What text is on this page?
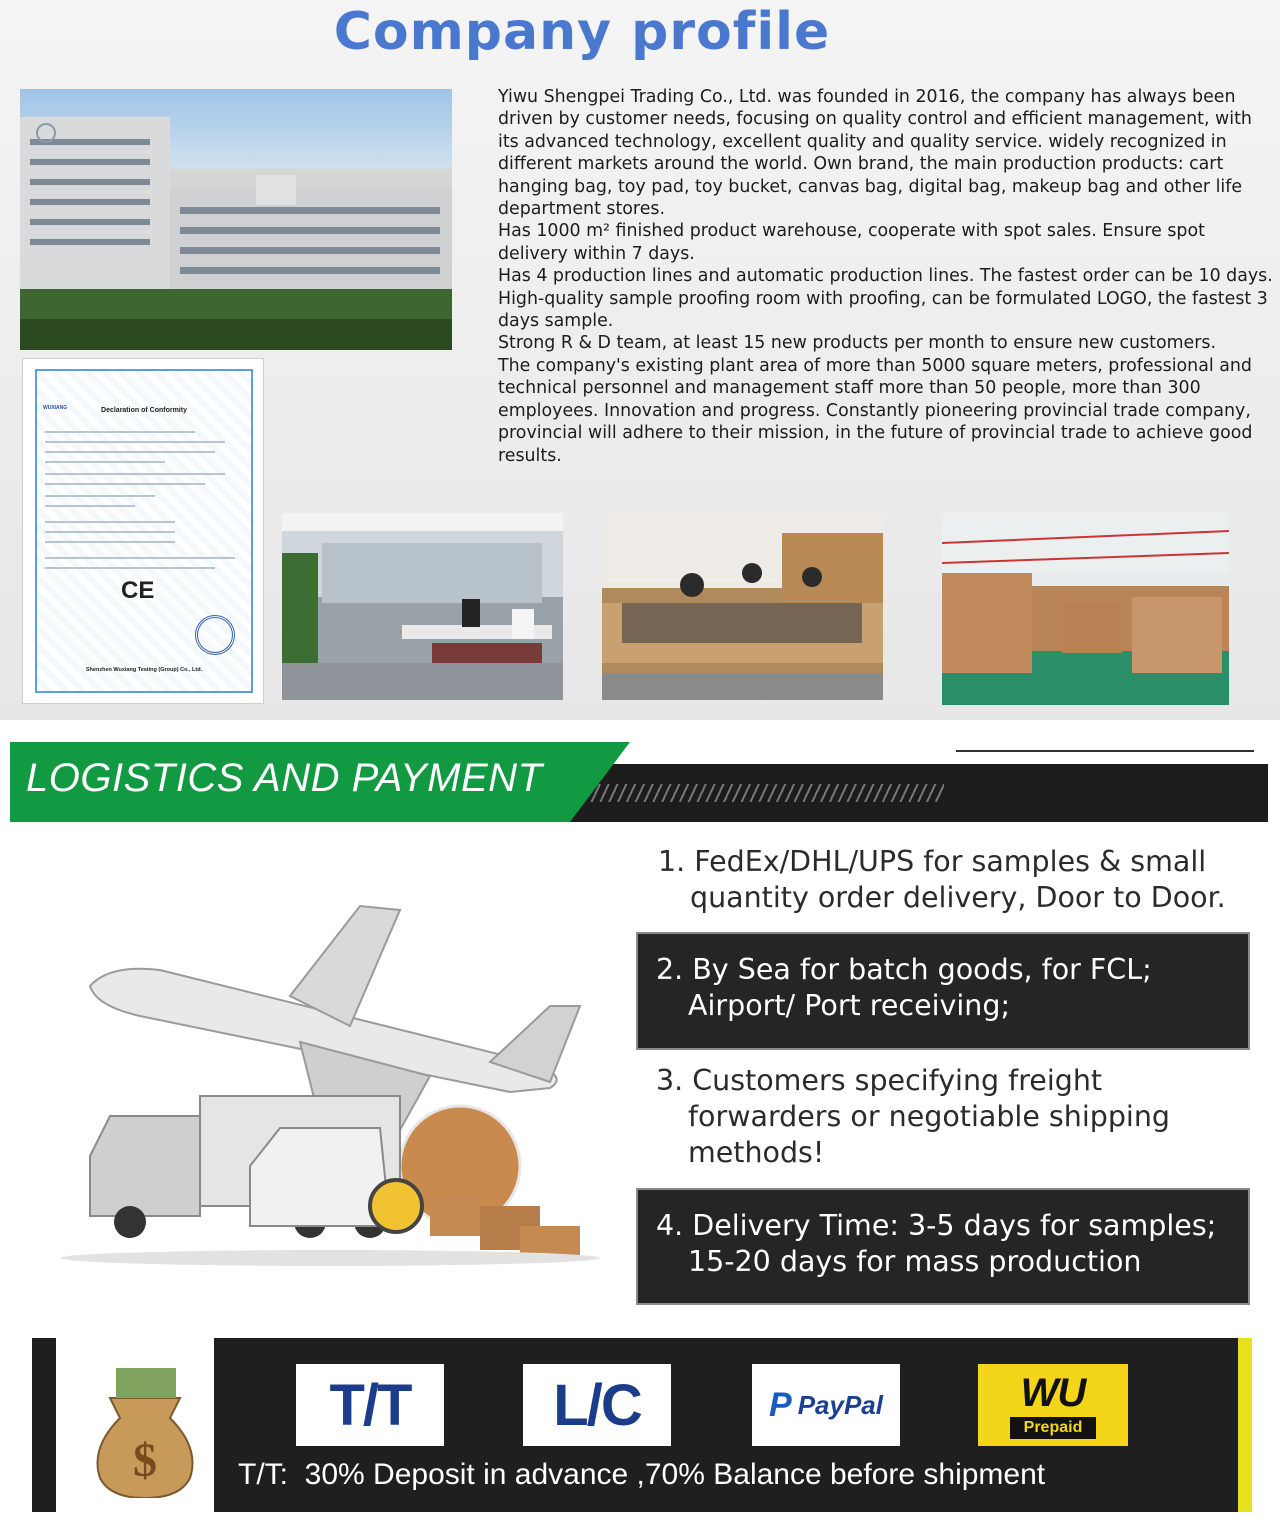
Company profile
WUXIANG	Declaration of Conformity
CE
Shenzhen Wuxiang Testing (Group) Co., Ltd.

Yiwu Shengpei Trading Co., Ltd. was founded in 2016, the company has always been driven by customer needs, focusing on quality control and efficient management, with its advanced technology, excellent quality and quality service. widely recognized in different markets around the world. Own brand, the main production products: cart hanging bag, toy pad, toy bucket, canvas bag, digital bag, makeup bag and other life department stores.

Has 1000 m² finished product warehouse, cooperate with spot sales. Ensure spot delivery within 7 days.

Has 4 production lines and automatic production lines. The fastest order can be 10 days.

High-quality sample proofing room with proofing, can be formulated LOGO, the fastest 3 days sample.

Strong R & D team, at least 15 new products per month to ensure new customers.

The company's existing plant area of more than 5000 square meters, professional and technical personnel and management staff more than 50 people, more than 300 employees. Innovation and progress. Constantly pioneering provincial trade company, provincial will adhere to their mission, in the future of provincial trade to achieve good results.

LOGISTICS AND PAYMENT
1. FedEx/DHL/UPS for samples & small
quantity order delivery, Door to Door.
2. By Sea for batch goods, for FCL;
Airport/ Port receiving;
3. Customers specifying freight
forwarders or negotiable shipping
methods!
4. Delivery Time: 3-5 days for samples;
15-20 days for mass production
$
T/T L/C	P PayPal	WU
Prepaid
T/T:  30% Deposit in advance ,70% Balance before shipment
